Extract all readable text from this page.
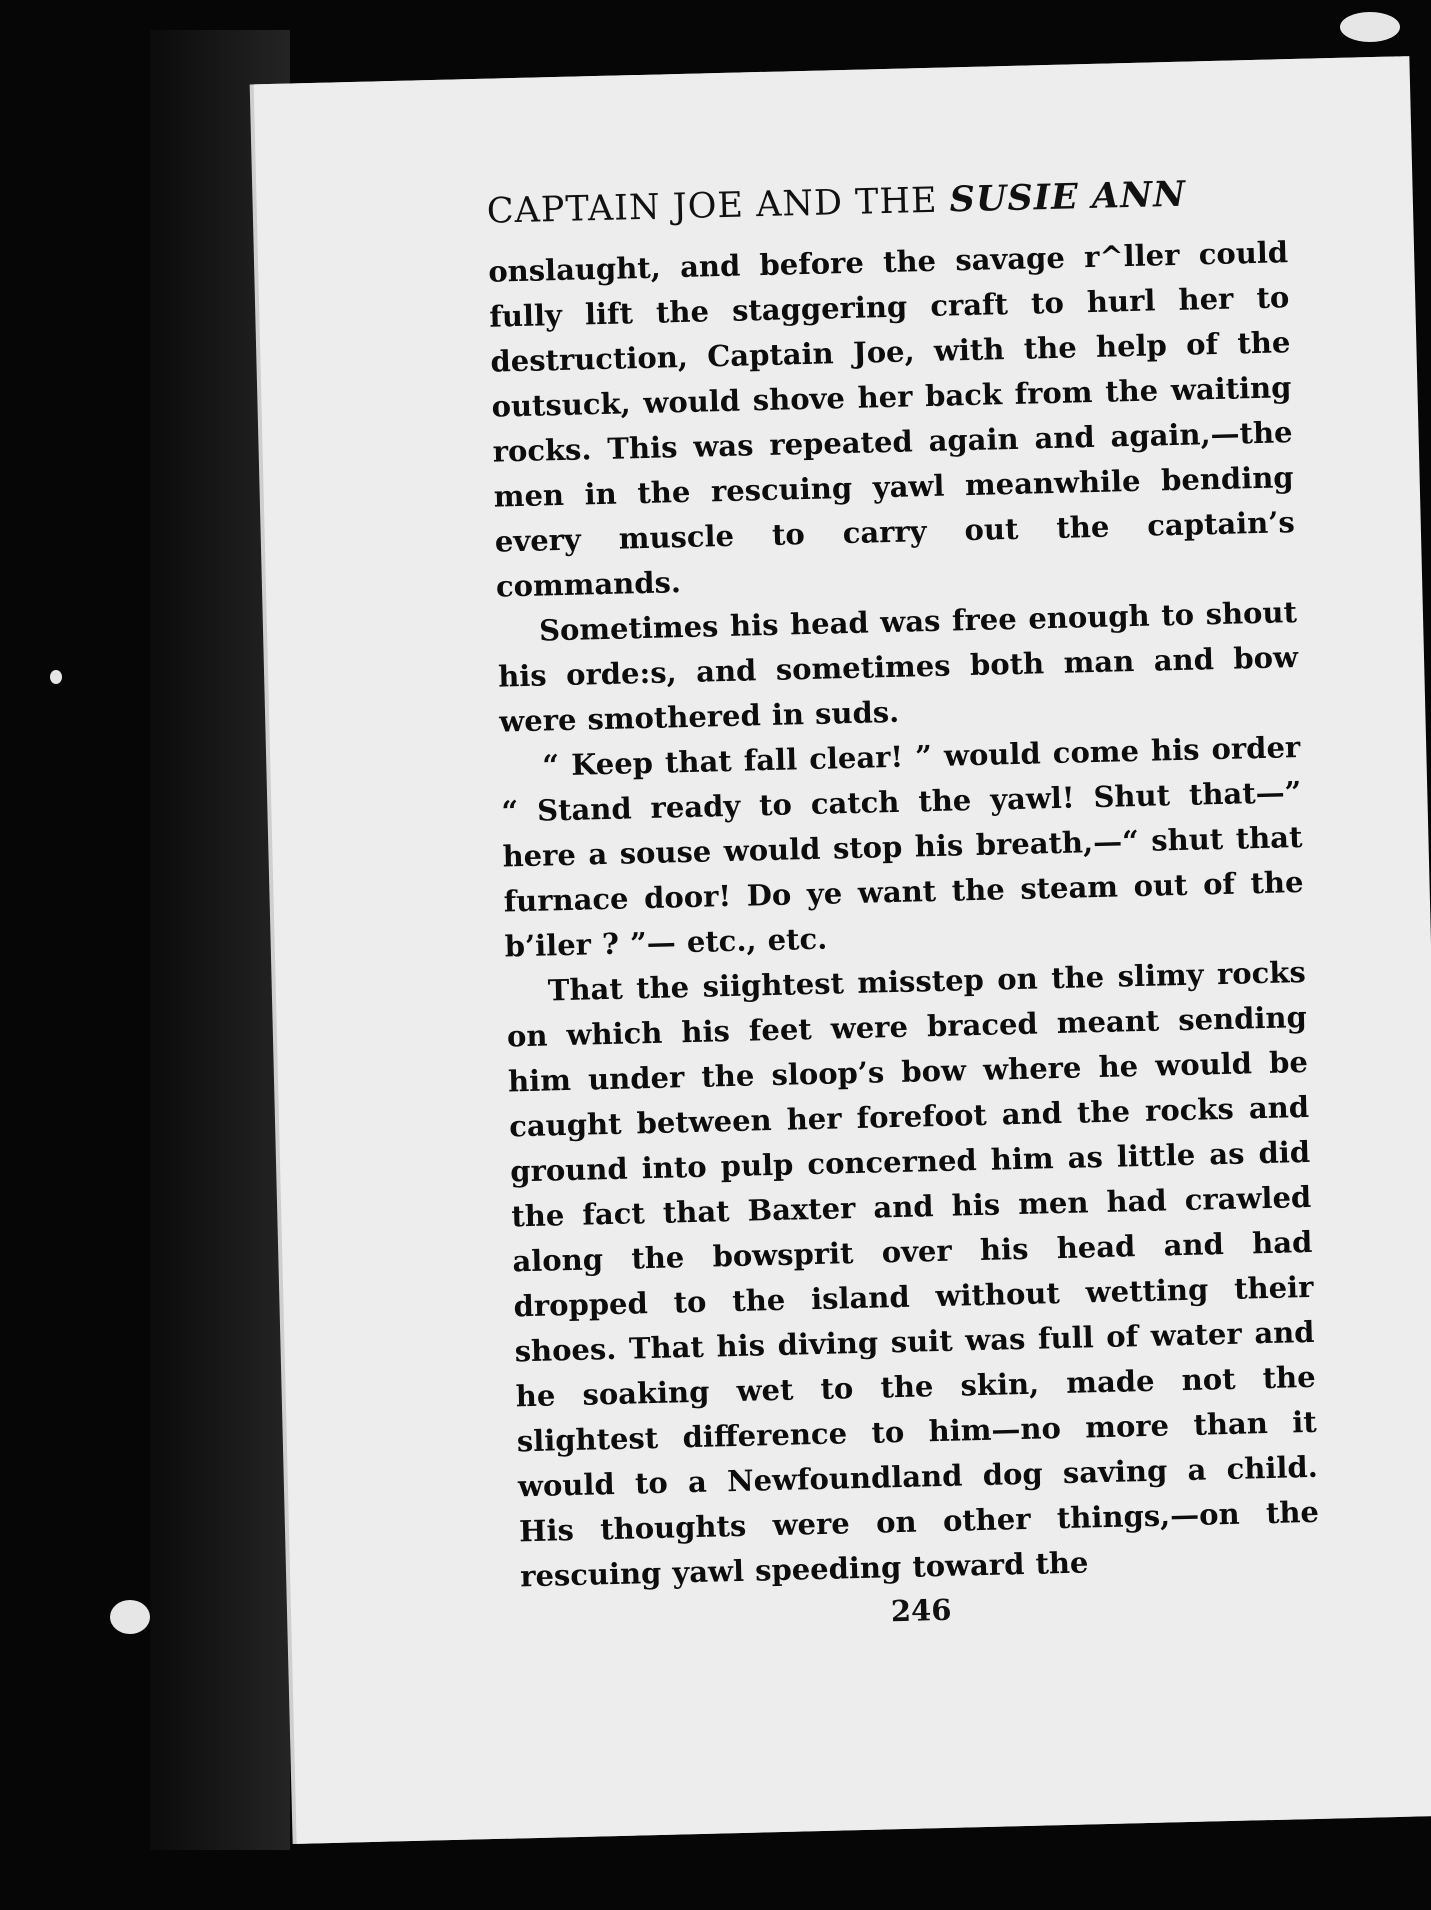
CAPTAIN JOE AND THE SUSIE ANN

onslaught, and before the savage r^ller could fully lift the staggering craft to hurl her to destruction, Captain Joe, with the help of the outsuck, would shove her back from the waiting rocks. This was repeated again and again,—the men in the rescuing yawl meanwhile bending every muscle to carry out the captain’s commands.

Sometimes his head was free enough to shout his orde:s, and sometimes both man and bow were smothered in suds.

“ Keep that fall clear! ” would come his order “ Stand ready to catch the yawl! Shut that—” here a souse would stop his breath,—“ shut that furnace door! Do ye want the steam out of the b’iler ? ”— etc., etc.

That the siightest misstep on the slimy rocks on which his feet were braced meant sending him under the sloop’s bow where he would be caught between her forefoot and the rocks and ground into pulp concerned him as little as did the fact that Baxter and his men had crawled along the bowsprit over his head and had dropped to the island without wetting their shoes. That his diving suit was full of water and he soaking wet to the skin, made not the slightest difference to him—no more than it would to a Newfoundland dog saving a child. His thoughts were on other things,—on the rescuing yawl speeding toward the

246
